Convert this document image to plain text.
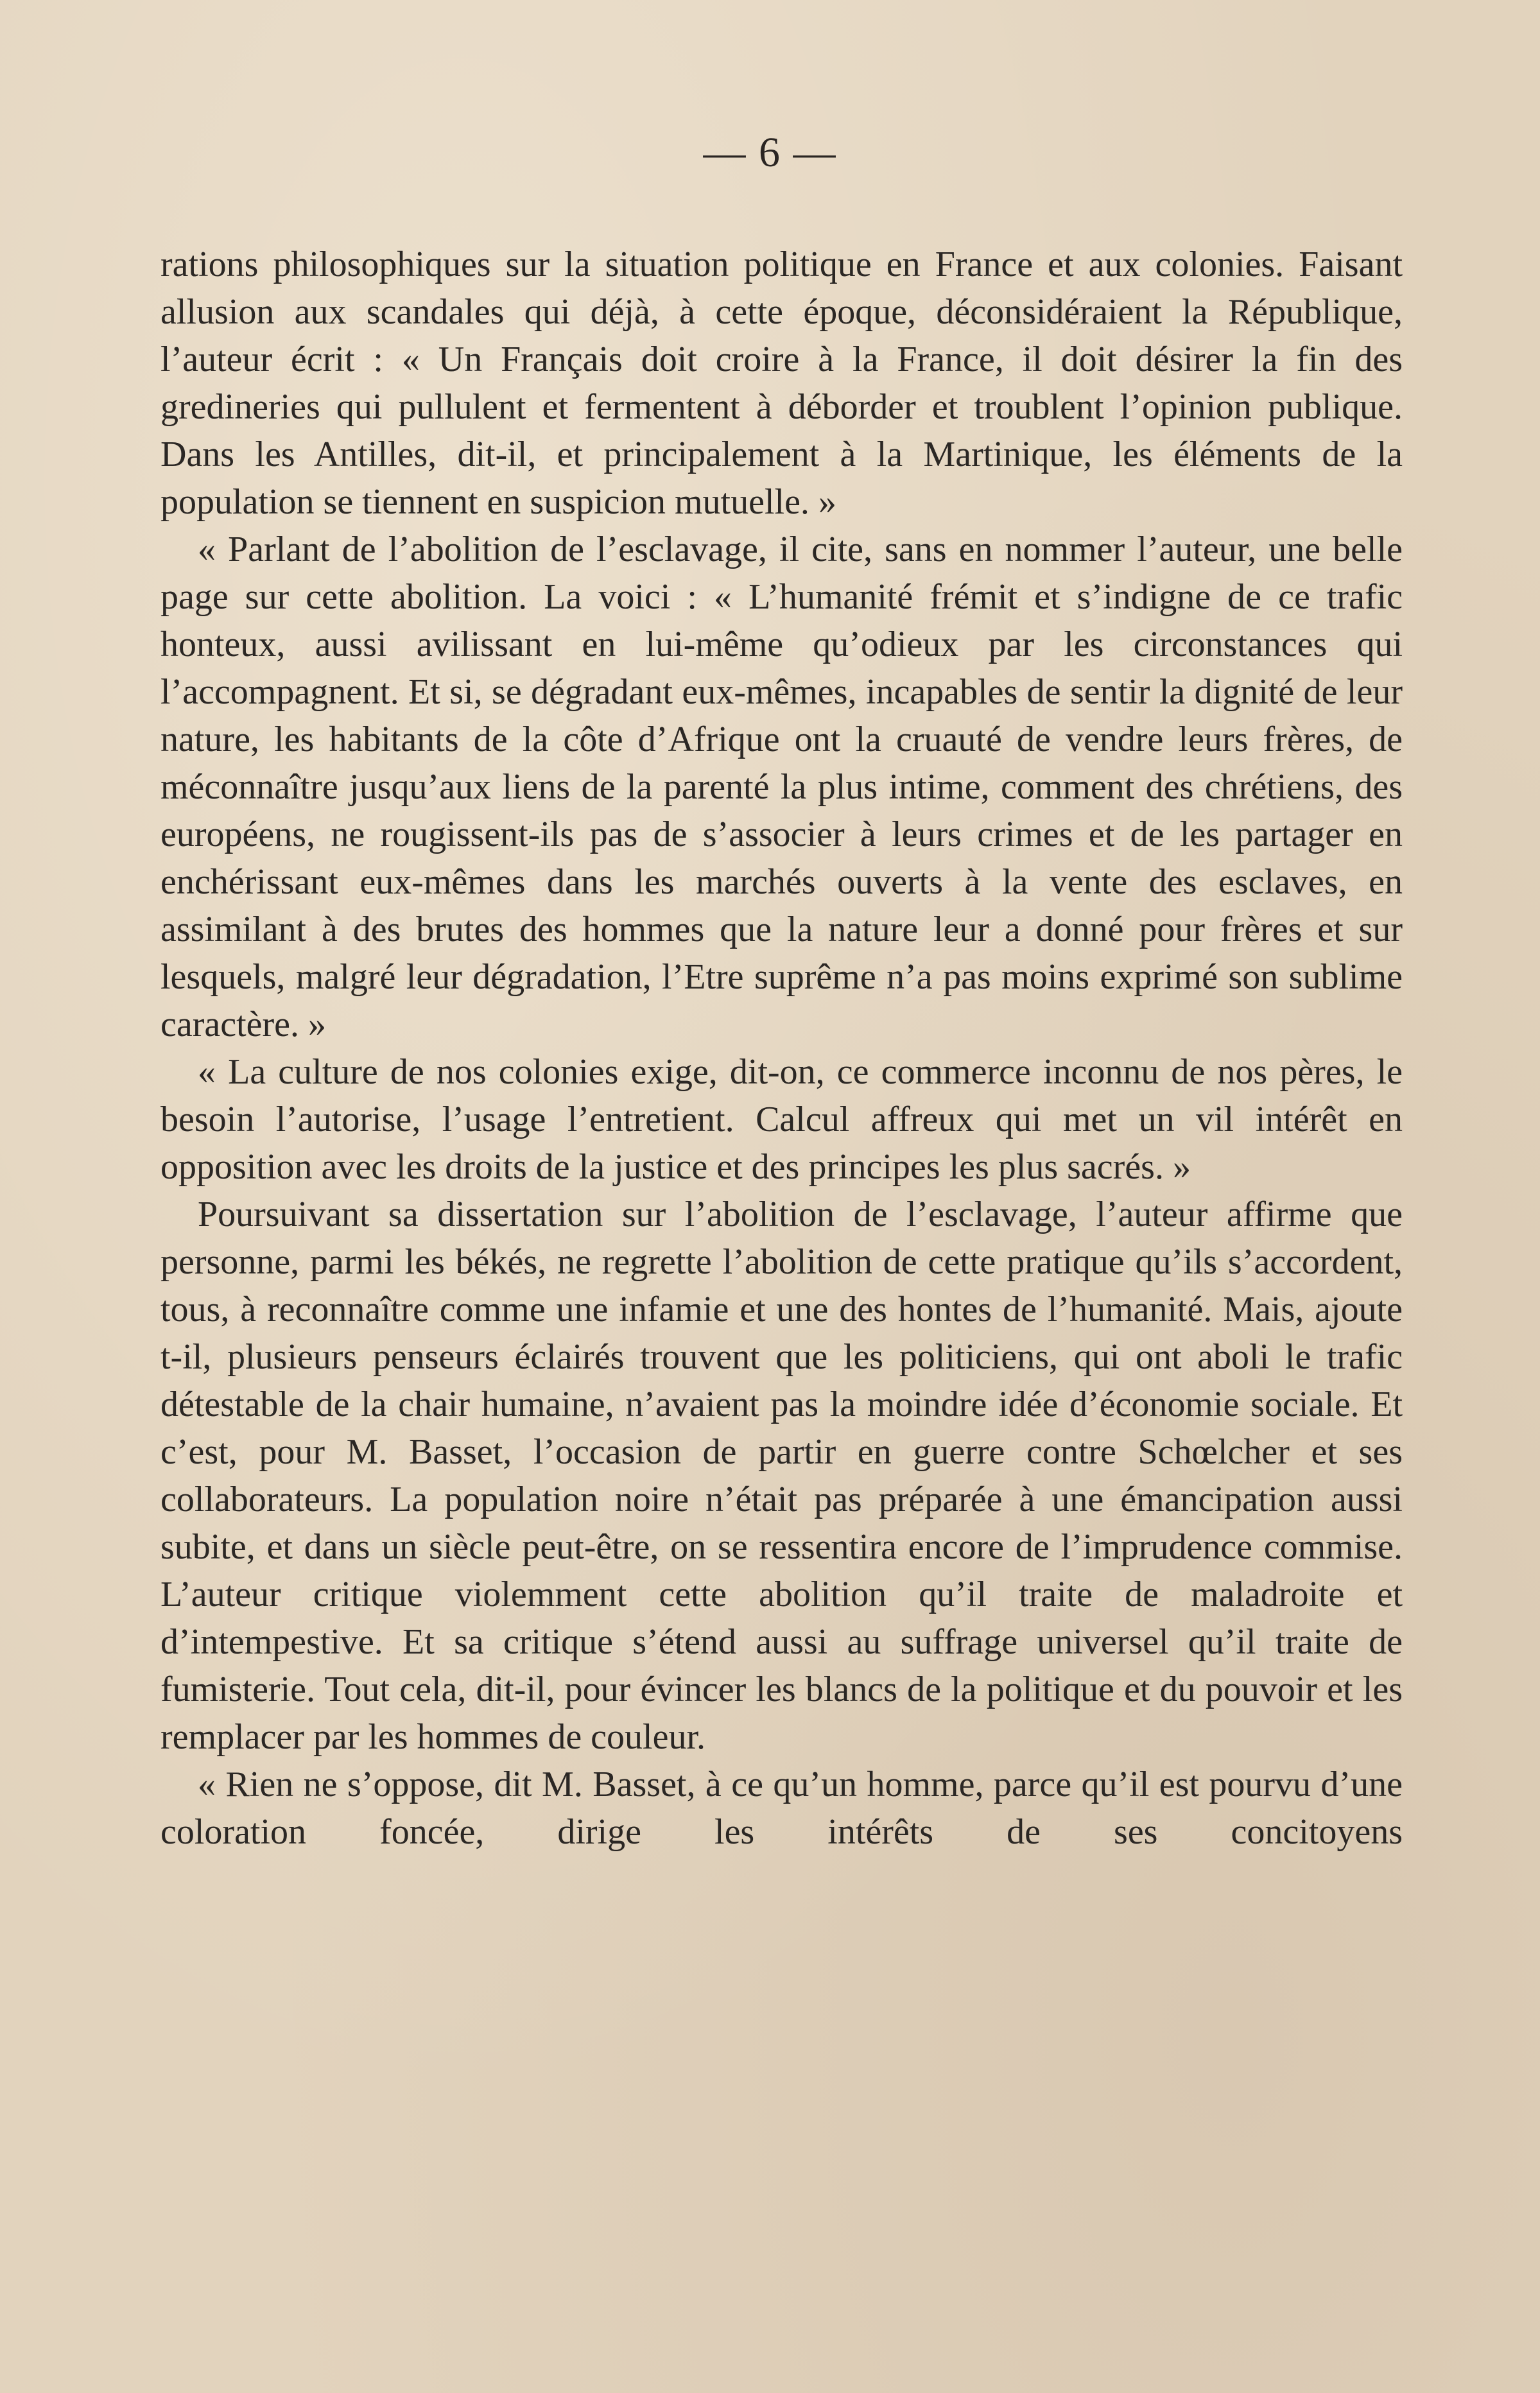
— 6 —

rations philosophiques sur la situation politique en France et aux colonies. Faisant allusion aux scandales qui déjà, à cette époque, déconsidéraient la République, l’auteur écrit : « Un Français doit croire à la France, il doit désirer la fin des gredineries qui pullulent et fermentent à déborder et troublent l’opinion publique. Dans les Antilles, dit-il, et principalement à la Martinique, les éléments de la population se tiennent en suspicion mutuelle. »

« Parlant de l’abolition de l’esclavage, il cite, sans en nommer l’auteur, une belle page sur cette abolition. La voici : « L’humanité frémit et s’indigne de ce trafic honteux, aussi avilissant en lui-même qu’odieux par les circonstances qui l’accompagnent. Et si, se dégradant eux-mêmes, incapables de sentir la dignité de leur nature, les habitants de la côte d’Afrique ont la cruauté de vendre leurs frères, de méconnaître jusqu’aux liens de la parenté la plus intime, comment des chrétiens, des européens, ne rougissent-ils pas de s’associer à leurs crimes et de les partager en enchérissant eux-mêmes dans les marchés ouverts à la vente des esclaves, en assimilant à des brutes des hommes que la nature leur a donné pour frères et sur lesquels, malgré leur dégradation, l’Etre suprême n’a pas moins exprimé son sublime caractère. »

« La culture de nos colonies exige, dit-on, ce commerce inconnu de nos pères, le besoin l’autorise, l’usage l’entretient. Calcul affreux qui met un vil intérêt en opposition avec les droits de la justice et des principes les plus sacrés. »

Poursuivant sa dissertation sur l’abolition de l’esclavage, l’auteur affirme que personne, parmi les békés, ne regrette l’abolition de cette pratique qu’ils s’accordent, tous, à reconnaître comme une infamie et une des hontes de l’humanité. Mais, ajoute t-il, plusieurs penseurs éclairés trouvent que les politiciens, qui ont aboli le trafic détestable de la chair humaine, n’avaient pas la moindre idée d’économie sociale. Et c’est, pour M. Basset, l’occasion de partir en guerre contre Schœlcher et ses collaborateurs. La population noire n’était pas préparée à une émancipation aussi subite, et dans un siècle peut-être, on se ressentira encore de l’imprudence commise. L’auteur critique violemment cette abolition qu’il traite de maladroite et d’intempestive. Et sa critique s’étend aussi au suffrage universel qu’il traite de fumisterie. Tout cela, dit-il, pour évincer les blancs de la politique et du pouvoir et les remplacer par les hommes de couleur.

« Rien ne s’oppose, dit M. Basset, à ce qu’un homme, parce qu’il est pourvu d’une coloration foncée, dirige les intérêts de ses concitoyens
